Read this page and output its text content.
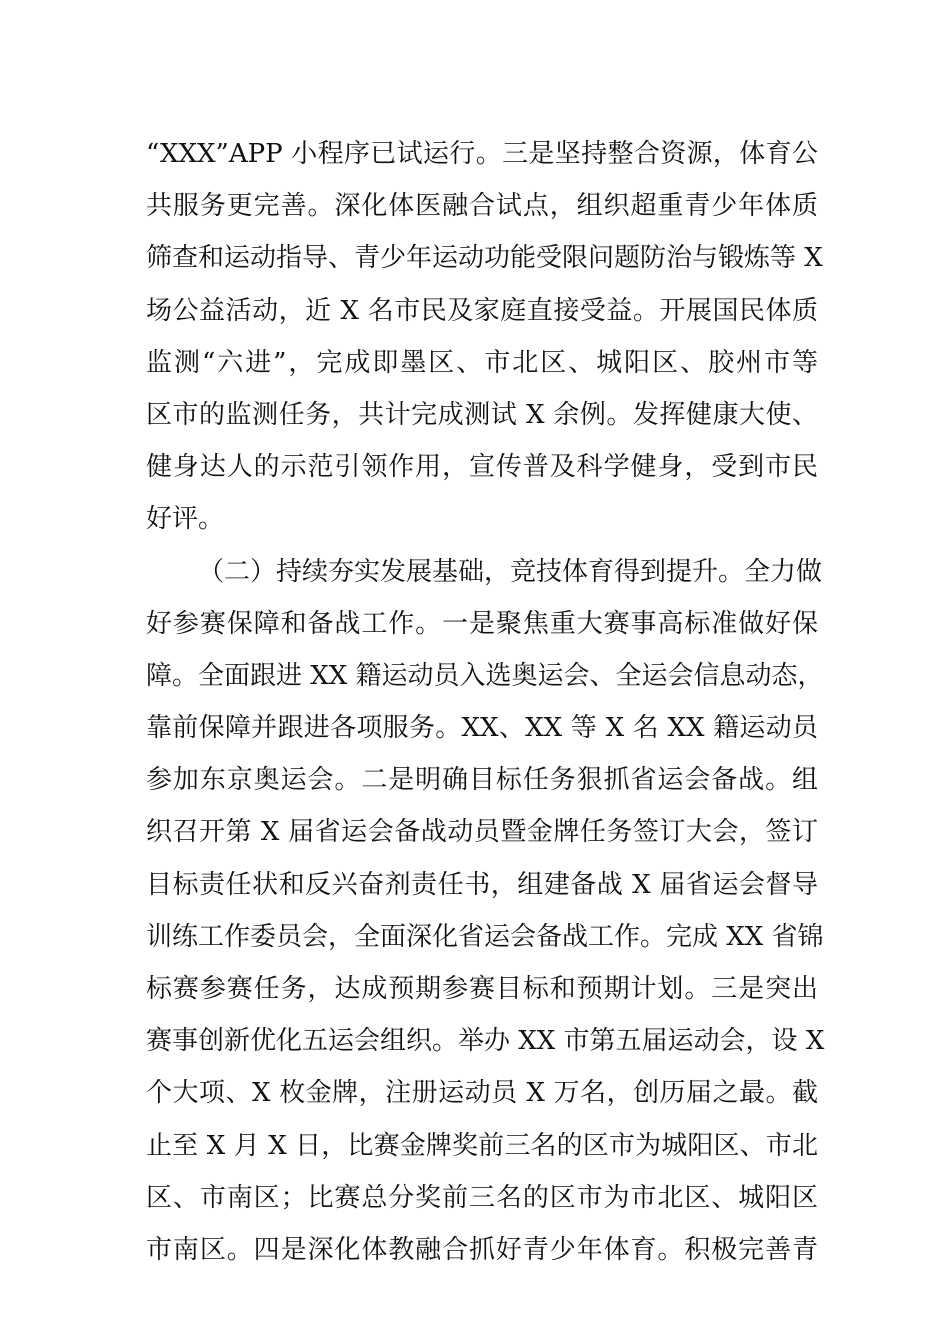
“XXX”APP 小程序已试运行。三是坚持整合资源，体育公
共服务更完善。深化体医融合试点，组织超重青少年体质
筛查和运动指导、青少年运动功能受限问题防治与锻炼等 X
场公益活动，近 X 名市民及家庭直接受益。开展国民体质
监测“六进”，完成即墨区、市北区、城阳区、胶州市等
区市的监测任务，共计完成测试 X 余例。发挥健康大使、
健身达人的示范引领作用，宣传普及科学健身，受到市民
好评。
（二）持续夯实发展基础，竞技体育得到提升。全力做
好参赛保障和备战工作。一是聚焦重大赛事高标准做好保
障。全面跟进 XX 籍运动员入选奥运会、全运会信息动态，
靠前保障并跟进各项服务。XX、XX 等 X 名 XX 籍运动员
参加东京奥运会。二是明确目标任务狠抓省运会备战。组
织召开第 X 届省运会备战动员暨金牌任务签订大会，签订
目标责任状和反兴奋剂责任书，组建备战 X 届省运会督导
训练工作委员会，全面深化省运会备战工作。完成 XX 省锦
标赛参赛任务，达成预期参赛目标和预期计划。三是突出
赛事创新优化五运会组织。举办 XX 市第五届运动会，设 X
个大项、X 枚金牌，注册运动员 X 万名，创历届之最。截
止至 X 月 X 日，比赛金牌奖前三名的区市为城阳区、市北
区、市南区；比赛总分奖前三名的区市为市北区、城阳区
市南区。四是深化体教融合抓好青少年体育。积极完善青
